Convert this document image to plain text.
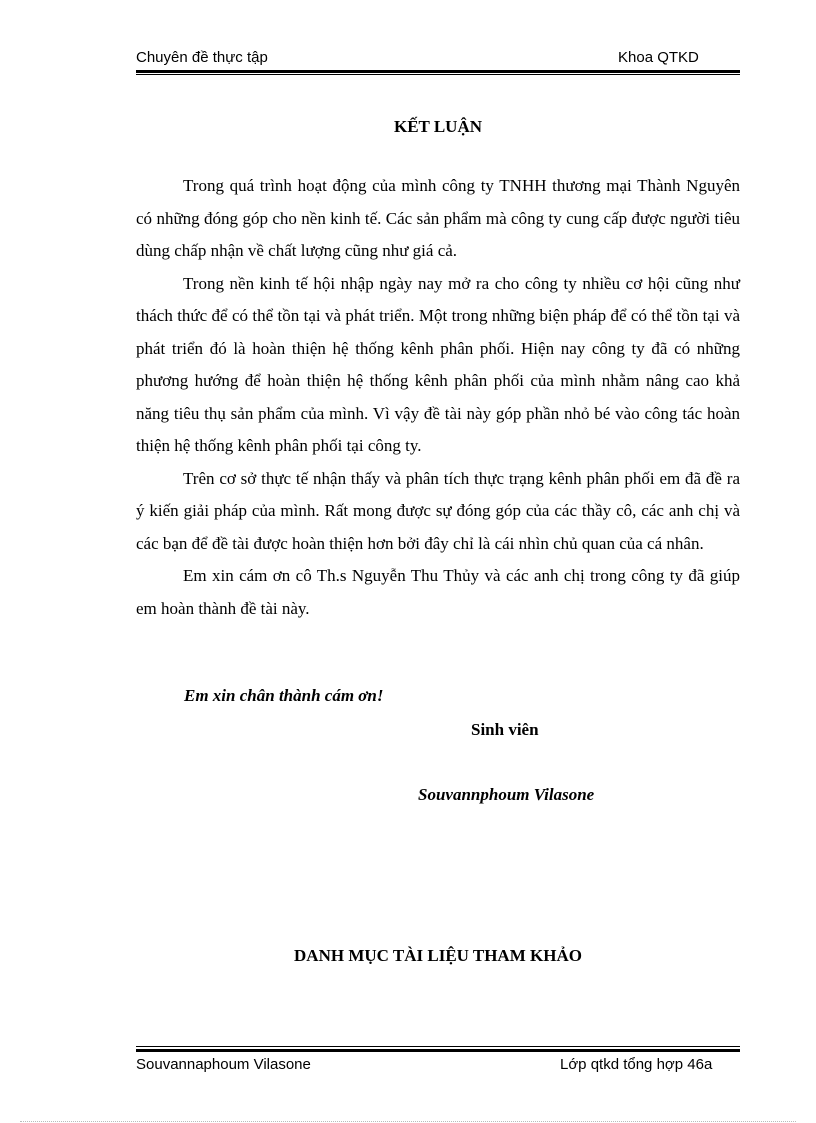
Chuyên đề thực tập	Khoa QTKD
KẾT LUẬN

Trong quá trình hoạt động của mình công ty TNHH thương mại Thành Nguyên có những đóng góp cho nền kinh tế. Các sản phẩm mà công ty cung cấp được người tiêu dùng chấp nhận về chất lượng cũng như giá cả.

Trong nền kinh tế hội nhập ngày nay mở ra cho công ty nhiều cơ hội cũng như thách thức để có thể tồn tại và phát triển. Một trong những biện pháp để có thể tồn tại và phát triển đó là hoàn thiện hệ thống kênh phân phối. Hiện nay công ty đã có những phương hướng để hoàn thiện hệ thống kênh phân phối của mình nhằm nâng cao khả năng tiêu thụ sản phẩm của mình. Vì vậy đề tài này góp phần nhỏ bé vào công tác hoàn thiện hệ thống kênh phân phối tại công ty.

Trên cơ sở thực tế nhận thấy và phân tích thực trạng kênh phân phối em đã đề ra ý kiến giải pháp của mình. Rất mong được sự đóng góp của các thầy cô, các anh chị và các bạn để đề tài được hoàn thiện hơn bởi đây chỉ là cái nhìn chủ quan của cá nhân.

Em xin cám ơn cô Th.s Nguyễn Thu Thủy và các anh chị trong công ty đã giúp em hoàn thành đề tài này.

Em xin chân thành cám ơn!
Sinh viên
Souvannphoum Vilasone
DANH MỤC TÀI LIỆU THAM KHẢO
Souvannaphoum Vilasone	Lớp qtkd tổng hợp 46a
